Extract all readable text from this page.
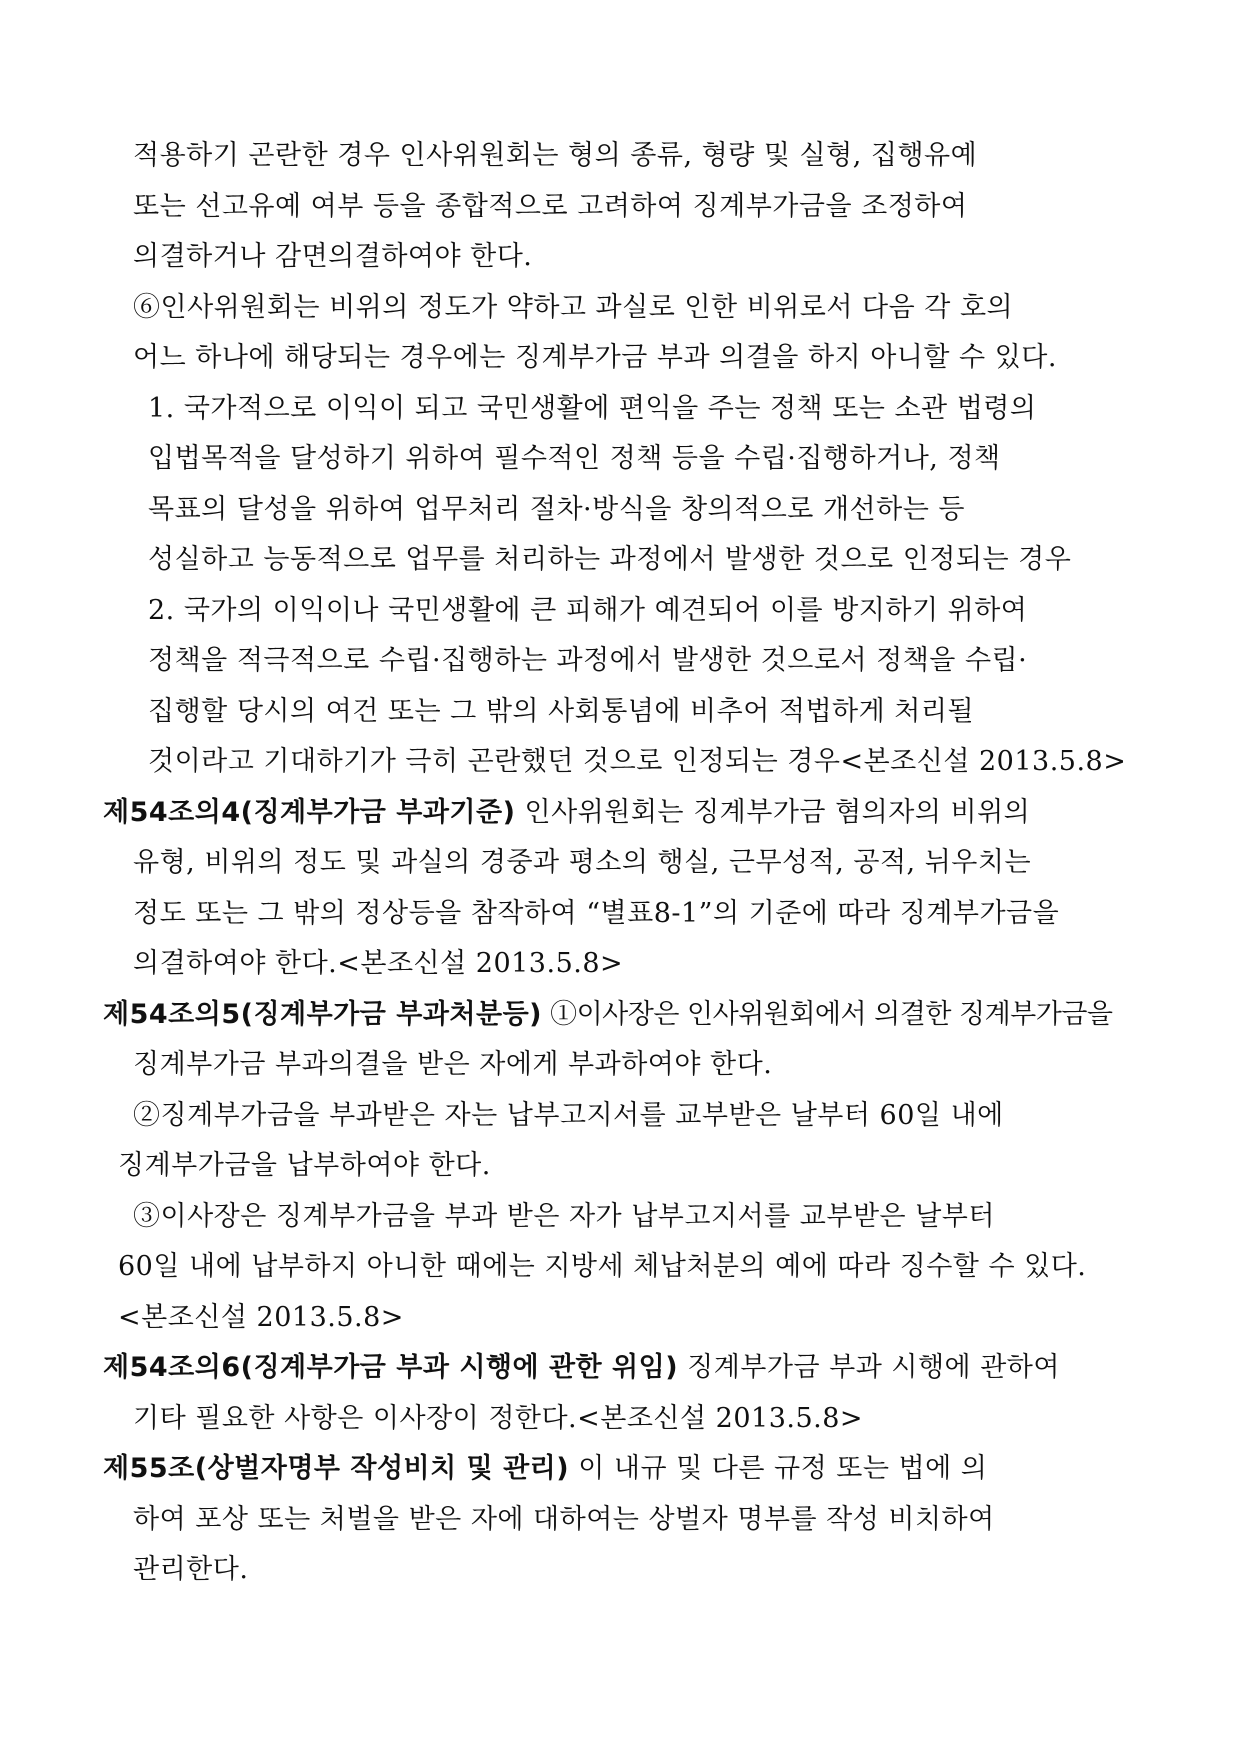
적용하기 곤란한 경우 인사위원회는 형의 종류, 형량 및 실형, 집행유예
또는 선고유예 여부 등을 종합적으로 고려하여 징계부가금을 조정하여
의결하거나 감면의결하여야 한다.
⑥인사위원회는 비위의 정도가 약하고 과실로 인한 비위로서 다음 각 호의
어느 하나에 해당되는 경우에는 징계부가금 부과 의결을 하지 아니할 수 있다.
1. 국가적으로 이익이 되고 국민생활에 편익을 주는 정책 또는 소관 법령의
입법목적을 달성하기 위하여 필수적인 정책 등을 수립·집행하거나, 정책
목표의 달성을 위하여 업무처리 절차·방식을 창의적으로 개선하는 등
성실하고 능동적으로 업무를 처리하는 과정에서 발생한 것으로 인정되는 경우
2. 국가의 이익이나 국민생활에 큰 피해가 예견되어 이를 방지하기 위하여
정책을 적극적으로 수립·집행하는 과정에서 발생한 것으로서 정책을 수립·
집행할 당시의 여건 또는 그 밖의 사회통념에 비추어 적법하게 처리될
것이라고 기대하기가 극히 곤란했던 것으로 인정되는 경우<본조신설 2013.5.8>
제54조의4(징계부가금 부과기준) 인사위원회는 징계부가금 혐의자의 비위의
유형, 비위의 정도 및 과실의 경중과 평소의 행실, 근무성적, 공적, 뉘우치는
정도 또는 그 밖의 정상등을 참작하여 “별표8-1”의 기준에 따라 징계부가금을
의결하여야 한다.<본조신설 2013.5.8>
제54조의5(징계부가금 부과처분등) ①이사장은 인사위원회에서 의결한 징계부가금을
징계부가금 부과의결을 받은 자에게 부과하여야 한다.
②징계부가금을 부과받은 자는 납부고지서를 교부받은 날부터 60일 내에
징계부가금을 납부하여야 한다.
③이사장은 징계부가금을 부과 받은 자가 납부고지서를 교부받은 날부터
60일 내에 납부하지 아니한 때에는 지방세 체납처분의 예에 따라 징수할 수 있다.
<본조신설 2013.5.8>
제54조의6(징계부가금 부과 시행에 관한 위임) 징계부가금 부과 시행에 관하여
기타 필요한 사항은 이사장이 정한다.<본조신설 2013.5.8>
제55조(상벌자명부 작성비치 및 관리) 이 내규 및 다른 규정 또는 법에 의
하여 포상 또는 처벌을 받은 자에 대하여는 상벌자 명부를 작성 비치하여
관리한다.
